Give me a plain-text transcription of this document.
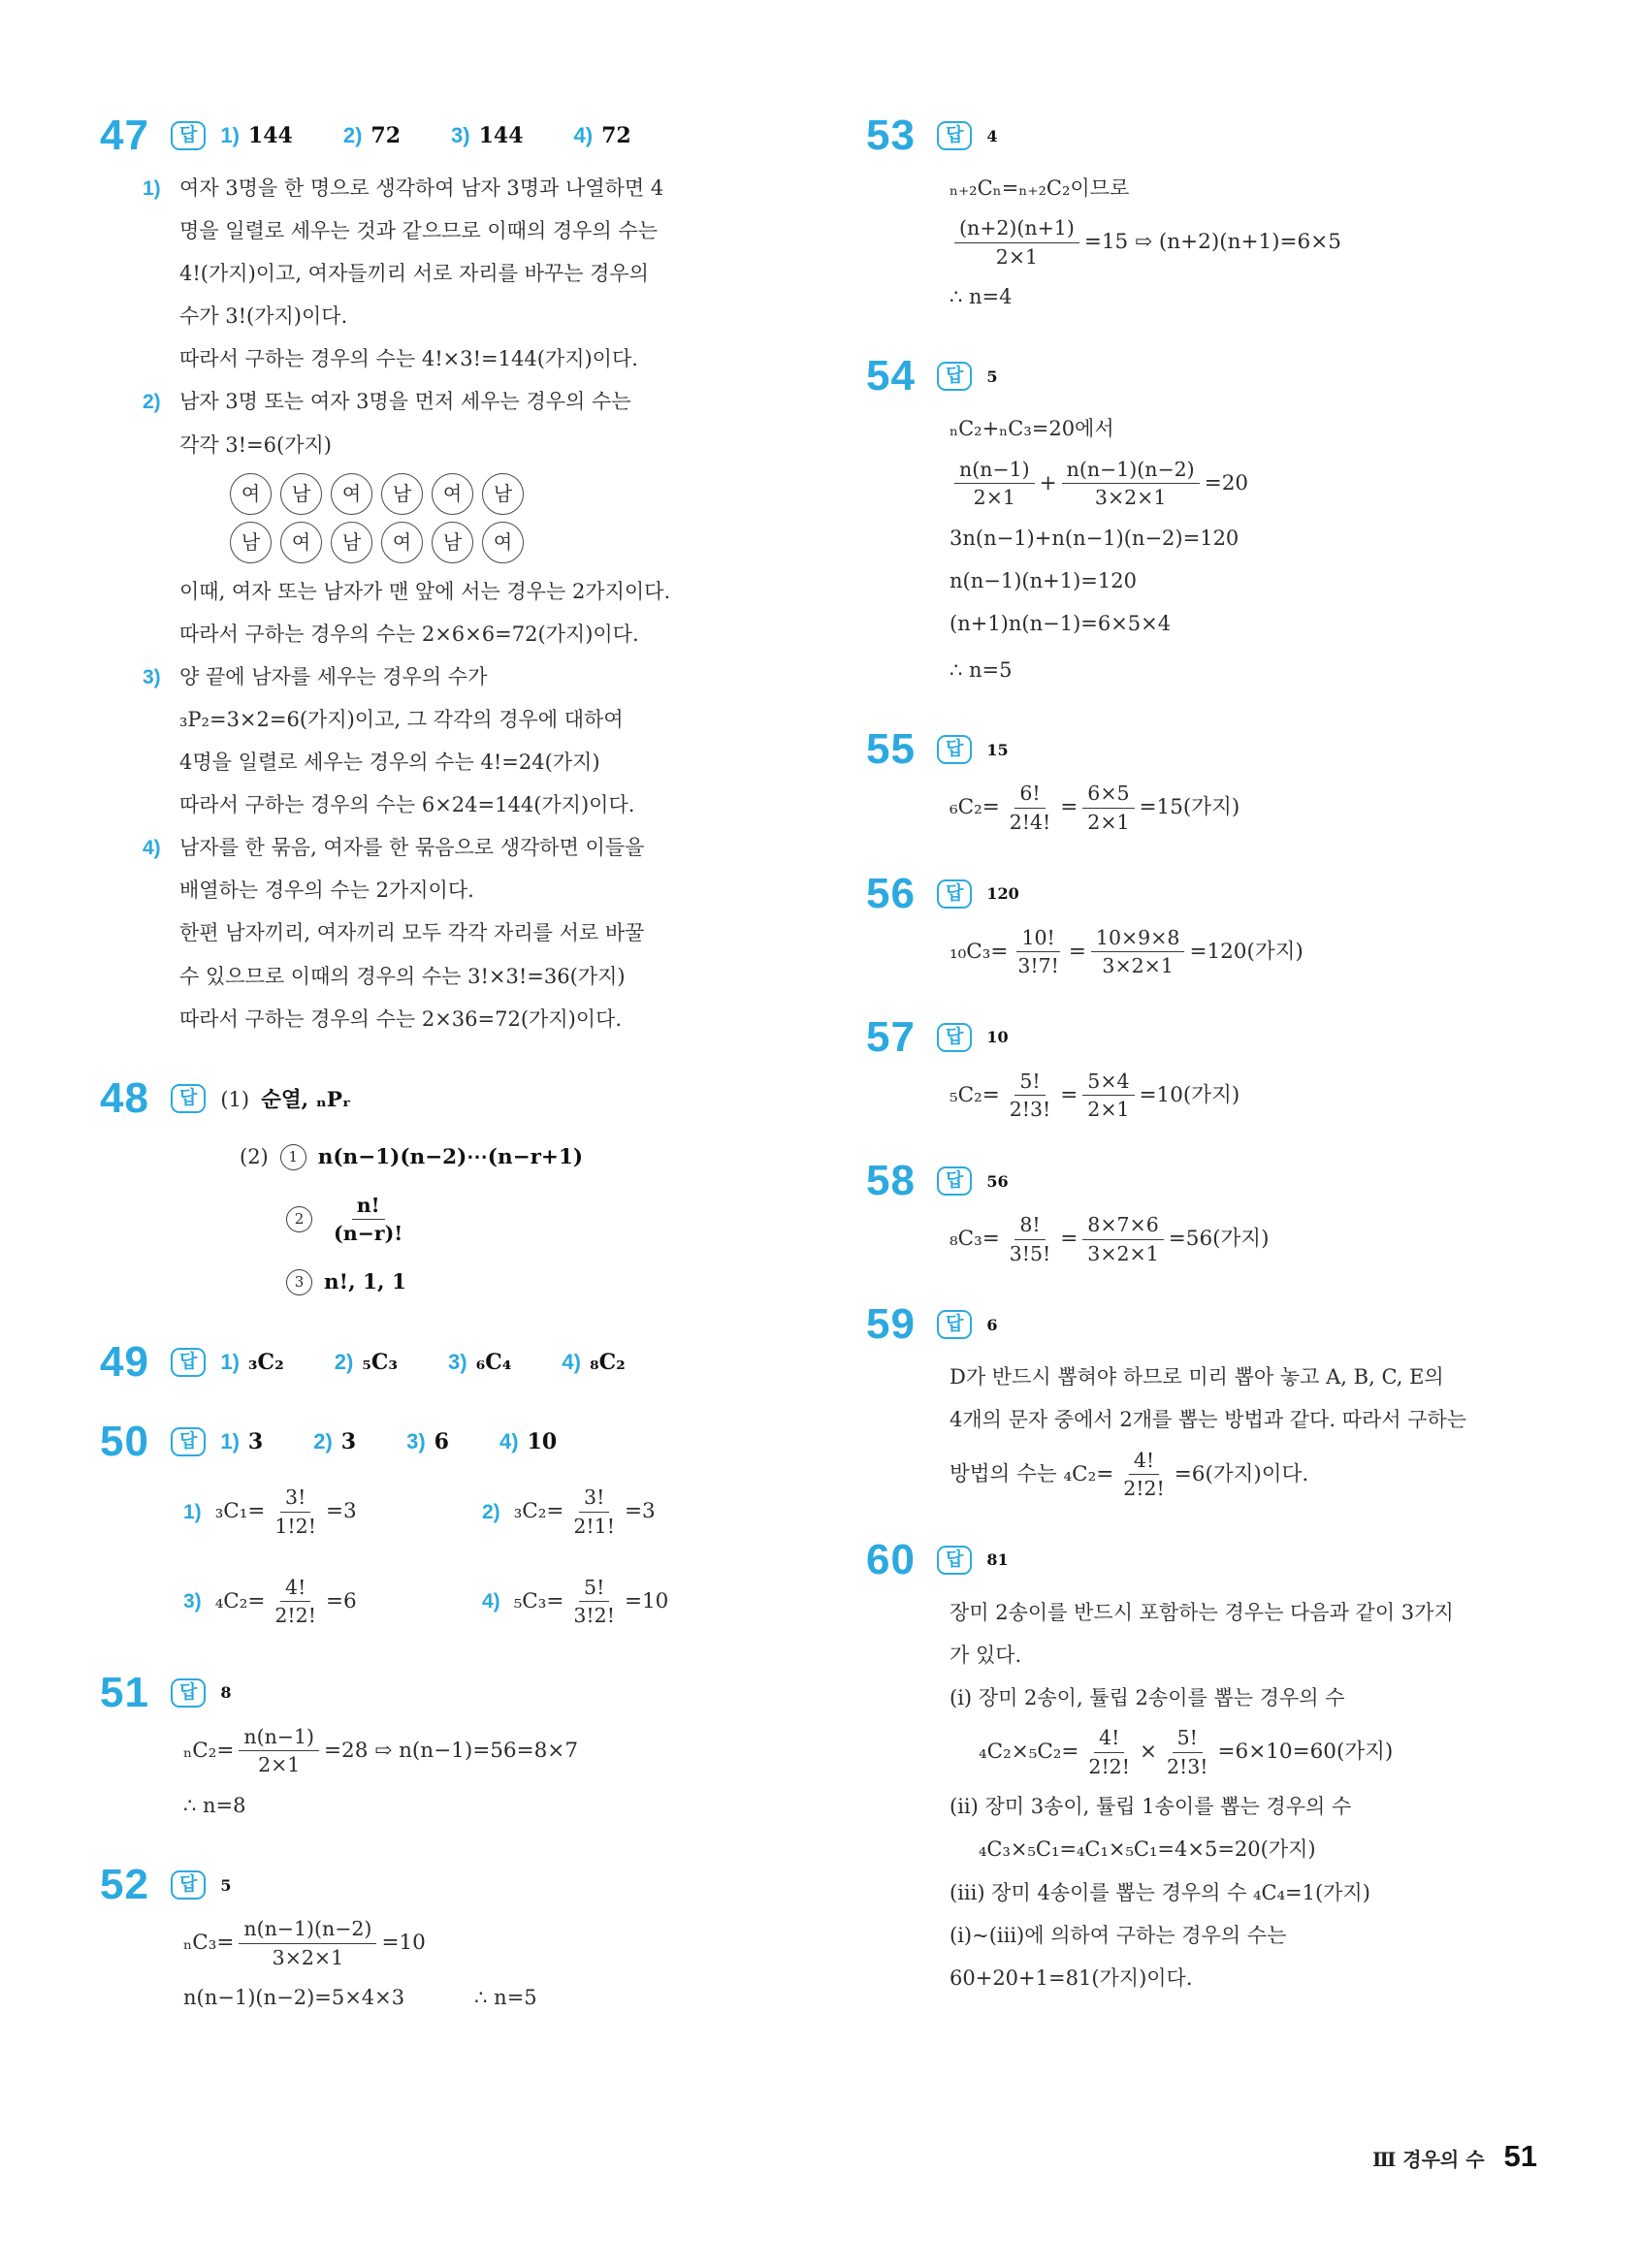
47	답	1) 144 2) 72 3) 144 4) 72
1) 여자 3명을 한 명으로 생각하여 남자 3명과 나열하면 4
명을 일렬로 세우는 것과 같으므로 이때의 경우의 수는
4!(가지)이고, 여자들끼리 서로 자리를 바꾸는 경우의
수가 3!(가지)이다.
따라서 구하는 경우의 수는 4!×3!=144(가지)이다.
2) 남자 3명 또는 여자 3명을 먼저 세우는 경우의 수는
각각 3!=6(가지)
여	남	여	남	여	남
남	여	남	여	남	여
이때, 여자 또는 남자가 맨 앞에 서는 경우는 2가지이다.
따라서 구하는 경우의 수는 2×6×6=72(가지)이다.
3) 양 끝에 남자를 세우는 경우의 수가
₃P₂=3×2=6(가지)이고, 그 각각의 경우에 대하여
4명을 일렬로 세우는 경우의 수는 4!=24(가지)
따라서 구하는 경우의 수는 6×24=144(가지)이다.
4) 남자를 한 묶음, 여자를 한 묶음으로 생각하면 이들을
배열하는 경우의 수는 2가지이다.
한편 남자끼리, 여자끼리 모두 각각 자리를 서로 바꿀
수 있으므로 이때의 경우의 수는 3!×3!=36(가지)
따라서 구하는 경우의 수는 2×36=72(가지)이다.
48	답	(1) 순열, ₙPᵣ
(2)	1 n(n−1)(n−2)⋯(n−r+1)
2	$\frac{n!}{(n-r)!}$
3 n!, 1, 1
49	답	1) ₃C₂ 2) ₅C₃ 3) ₆C₄ 4) ₈C₂
50	답	1) 3 2) 3 3) 6 4) 10
1) $_3C_1= \frac{3!}{1!2!} =3$	2) $_3C_2= \frac{3!}{2!1!} =3$
3) $_4C_2= \frac{4!}{2!2!} =6$	4) $_5C_3= \frac{5!}{3!2!} =10$
51	답	8
$_nC_2= \frac{n(n-1)}{2\times 1} =28$ ⇨ n(n−1)=56=8×7
∴ n=8
52	답	5
$_nC_3= \frac{n(n-1)(n-2)}{3\times 2\times 1} =10$
n(n−1)(n−2)=5×4×3	∴ n=5
53	답	4
ₙ₊₂Cₙ=ₙ₊₂C₂이므로
$\frac{(n+2)(n+1)}{2\times 1} =15$ ⇨ (n+2)(n+1)=6×5
∴ n=4
54	답	5
ₙC₂+ₙC₃=20에서
$\frac{n(n-1)}{2\times 1} + \frac{n(n-1)(n-2)}{3\times 2\times 1} =20$
3n(n−1)+n(n−1)(n−2)=120
n(n−1)(n+1)=120
(n+1)n(n−1)=6×5×4
∴ n=5
55	답	15
$_6C_2= \frac{6!}{2!4!} = \frac{6\times 5}{2\times 1} =15$(가지)
56	답	120
$_{10}C_3= \frac{10!}{3!7!} = \frac{10\times 9\times 8}{3\times 2\times 1} =120$(가지)
57	답	10
$_5C_2= \frac{5!}{2!3!} = \frac{5\times 4}{2\times 1} =10$(가지)
58	답	56
$_8C_3= \frac{8!}{3!5!} = \frac{8\times 7\times 6}{3\times 2\times 1} =56$(가지)
59	답	6
D가 반드시 뽑혀야 하므로 미리 뽑아 놓고 A, B, C, E의
4개의 문자 중에서 2개를 뽑는 방법과 같다. 따라서 구하는
방법의 수는 $_4C_2= \frac{4!}{2!2!} =6$(가지)이다.
60	답	81
장미 2송이를 반드시 포함하는 경우는 다음과 같이 3가지
가 있다.
(i) 장미 2송이, 튤립 2송이를 뽑는 경우의 수
$_4C_2\times_5C_2= \frac{4!}{2!2!} \times \frac{5!}{2!3!} =6\times 10=60$(가지)
(ii) 장미 3송이, 튤립 1송이를 뽑는 경우의 수
₄C₃×₅C₁=₄C₁×₅C₁=4×5=20(가지)
(iii) 장미 4송이를 뽑는 경우의 수 ₄C₄=1(가지)
(i)~(iii)에 의하여 구하는 경우의 수는
60+20+1=81(가지)이다.
Ⅲ 경우의 수 51
